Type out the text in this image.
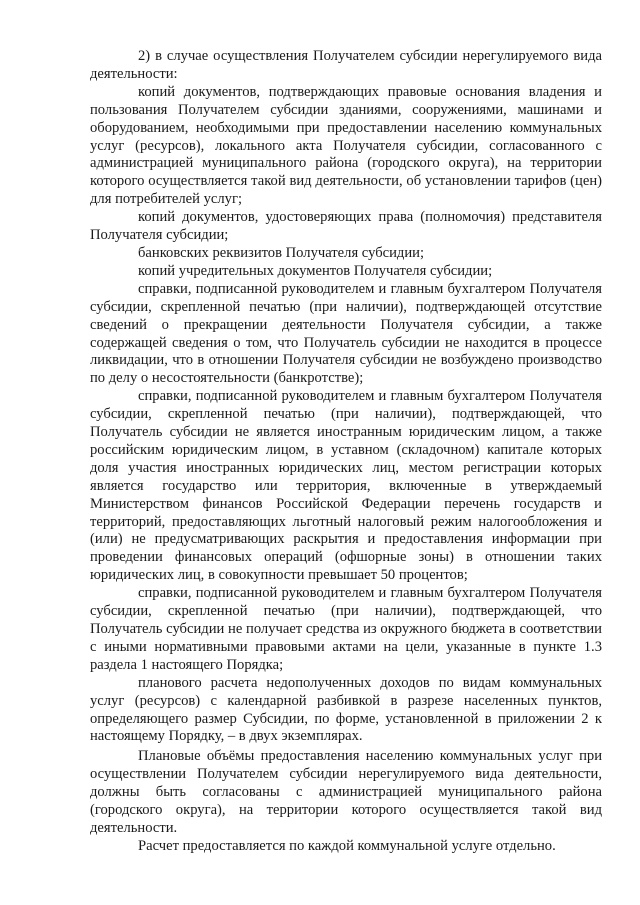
2) в случае осуществления Получателем субсидии нерегулируемого вида деятельности:

копий документов, подтверждающих правовые основания владения и пользования Получателем субсидии зданиями, сооружениями, машинами и оборудованием, необходимыми при предоставлении населению коммунальных услуг (ресурсов), локального акта Получателя субсидии, согласованного с администрацией муниципального района (городского округа), на территории которого осуществляется такой вид деятельности, об установлении тарифов (цен) для потребителей услуг;

копий документов, удостоверяющих права (полномочия) представителя Получателя субсидии;

банковских реквизитов Получателя субсидии;

копий учредительных документов Получателя субсидии;

справки, подписанной руководителем и главным бухгалтером Получателя субсидии, скрепленной печатью (при наличии), подтверждающей отсутствие сведений о прекращении деятельности Получателя субсидии, а также содержащей сведения о том, что Получатель субсидии не находится в процессе ликвидации, что в отношении Получателя субсидии не возбуждено производство по делу о несостоятельности (банкротстве);

справки, подписанной руководителем и главным бухгалтером Получателя субсидии, скрепленной печатью (при наличии), подтверждающей, что Получатель субсидии не является иностранным юридическим лицом, а также российским юридическим лицом, в уставном (складочном) капитале которых доля участия иностранных юридических лиц, местом регистрации которых является государство или территория, включенные в утверждаемый Министерством финансов Российской Федерации перечень государств и территорий, предоставляющих льготный налоговый режим налогообложения и (или) не предусматривающих раскрытия и предоставления информации при проведении финансовых операций (офшорные зоны) в отношении таких юридических лиц, в совокупности превышает 50 процентов;

справки, подписанной руководителем и главным бухгалтером Получателя субсидии, скрепленной печатью (при наличии), подтверждающей, что Получатель субсидии не получает средства из окружного бюджета в соответствии с иными нормативными правовыми актами на цели, указанные в пункте 1.3 раздела 1 настоящего Порядка;

планового расчета недополученных доходов по видам коммунальных услуг (ресурсов) с календарной разбивкой в разрезе населенных пунктов, определяющего размер Субсидии, по форме, установленной в приложении 2 к настоящему Порядку, – в двух экземплярах.

Плановые объёмы предоставления населению коммунальных услуг при осуществлении Получателем субсидии нерегулируемого вида деятельности, должны быть согласованы с администрацией муниципального района (городского округа), на территории которого осуществляется такой вид деятельности.

Расчет предоставляется по каждой коммунальной услуге отдельно.
